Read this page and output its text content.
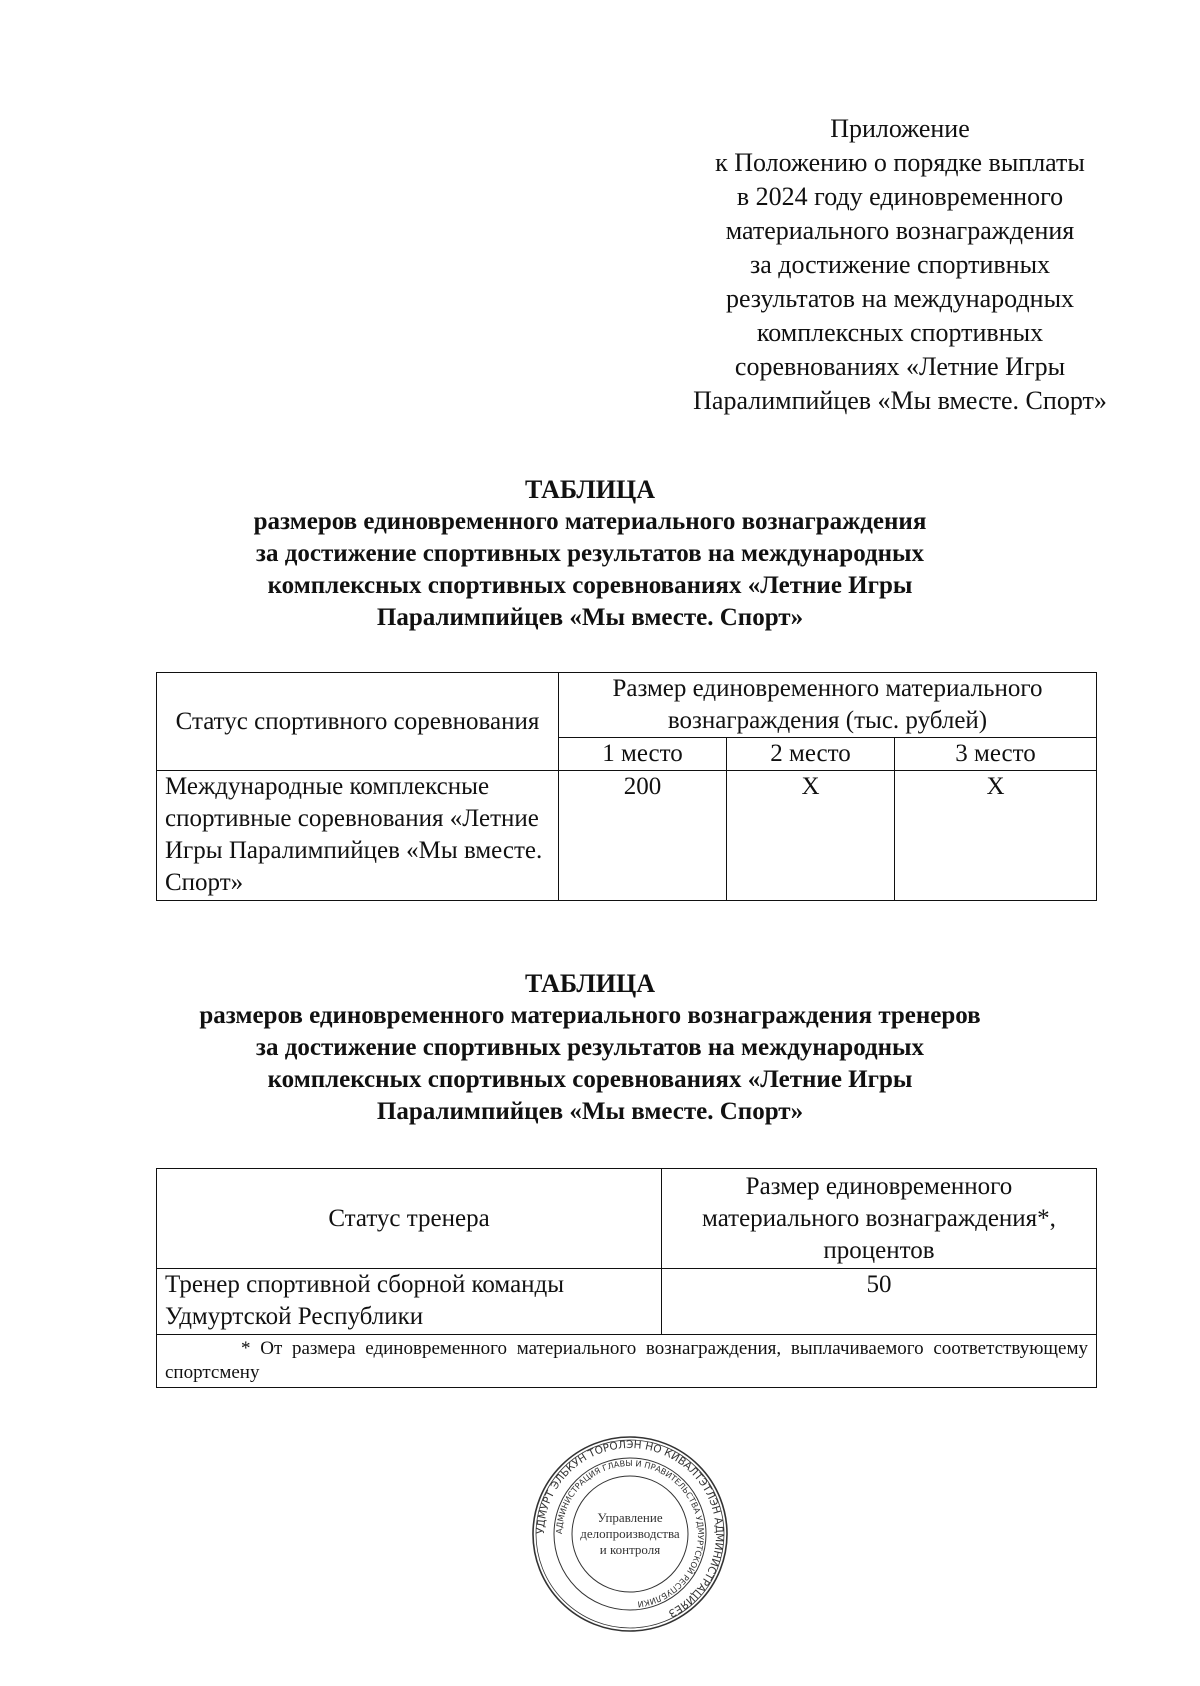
Приложение
к Положению о порядке выплаты
в 2024 году единовременного
материального вознаграждения
за достижение спортивных
результатов на международных
комплексных спортивных
соревнованиях «Летние Игры
Паралимпийцев «Мы вместе. Спорт»
ТАБЛИЦА
размеров единовременного материального вознаграждения
за достижение спортивных результатов на международных
комплексных спортивных соревнованиях «Летние Игры
Паралимпийцев «Мы вместе. Спорт»
Статус спортивного соревнования	Размер единовременного материального вознаграждения (тыс. рублей)		
	1 место	2 место	3 место
Международные комплексные спортивные соревнования «Летние Игры Паралимпийцев «Мы вместе. Спорт»	200	Х	Х
ТАБЛИЦА
размеров единовременного материального вознаграждения тренеров
за достижение спортивных результатов на международных
комплексных спортивных соревнованиях «Летние Игры
Паралимпийцев «Мы вместе. Спорт»
Статус тренера	Размер единовременного материального вознаграждения*, процентов
Тренер спортивной сборной команды Удмуртской Республики	50
* От размера единовременного материального вознаграждения, выплачиваемого соответствующему спортсмену	
УДМУРТ ЭЛЬКУН ТОРОЛЭН НО КИВАЛТЭТЛЭН АДМИНИСТРАЦИЯЕЗ
АДМИНИСТРАЦИЯ ГЛАВЫ И ПРАВИТЕЛЬСТВА УДМУРТСКОЙ РЕСПУБЛИКИ
Управление
делопроизводства
и контроля
